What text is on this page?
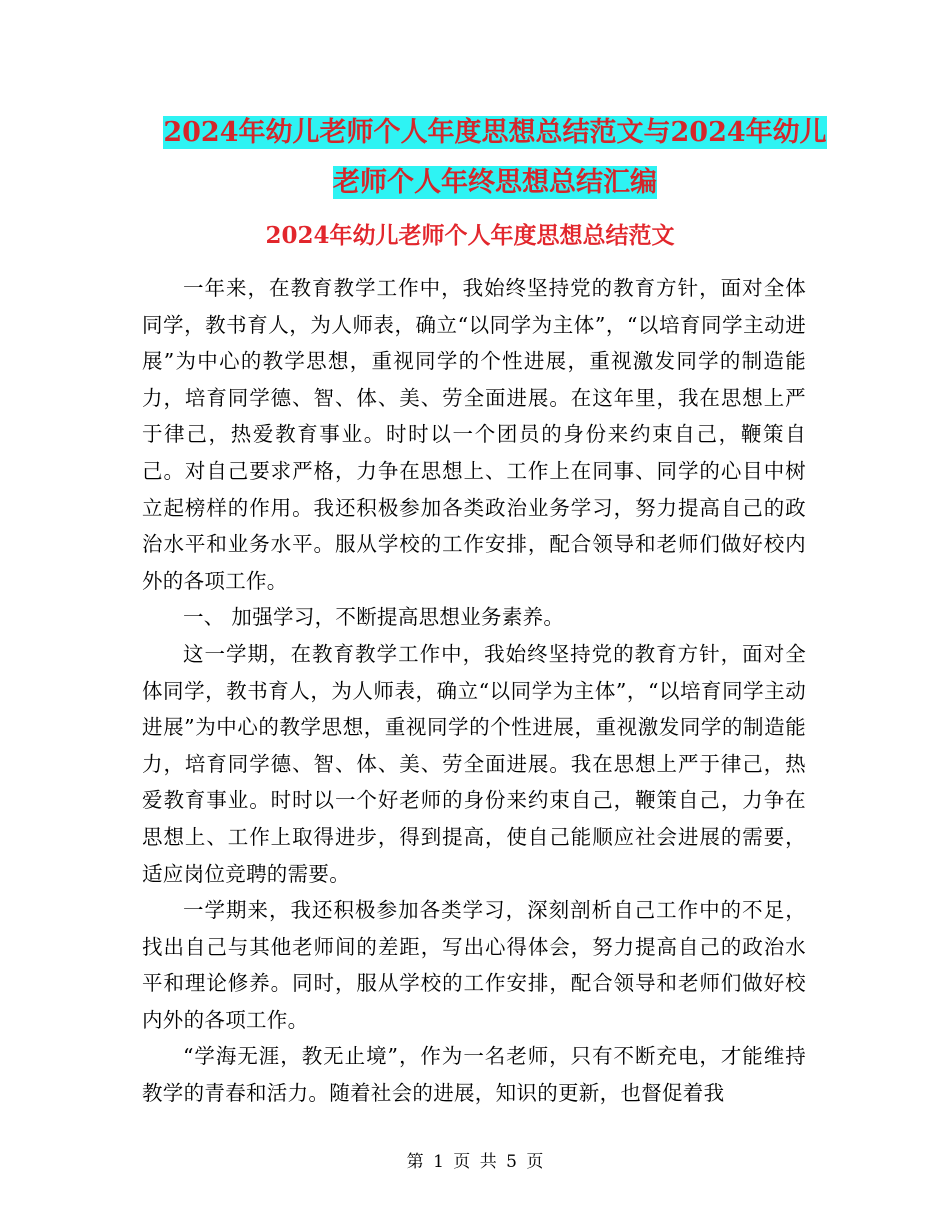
2024年幼儿老师个人年度思想总结范文与2024年幼儿
老师个人年终思想总结汇编
2024年幼儿老师个人年度思想总结范文

一年来，在教育教学工作中，我始终坚持党的教育方针，面对全体同学，教书育人，为人师表，确立“以同学为主体”，“以培育同学主动进展”为中心的教学思想，重视同学的个性进展，重视激发同学的制造能力，培育同学德、智、体、美、劳全面进展。在这年里，我在思想上严于律己，热爱教育事业。时时以一个团员的身份来约束自己，鞭策自己。对自己要求严格，力争在思想上、工作上在同事、同学的心目中树立起榜样的作用。我还积极参加各类政治业务学习，努力提高自己的政治水平和业务水平。服从学校的工作安排，配合领导和老师们做好校内外的各项工作。

一、 加强学习，不断提高思想业务素养。

这一学期，在教育教学工作中，我始终坚持党的教育方针，面对全体同学，教书育人，为人师表，确立“以同学为主体”，“以培育同学主动进展”为中心的教学思想，重视同学的个性进展，重视激发同学的制造能力，培育同学德、智、体、美、劳全面进展。我在思想上严于律己，热爱教育事业。时时以一个好老师的身份来约束自己，鞭策自己，力争在思想上、工作上取得进步，得到提高，使自己能顺应社会进展的需要，适应岗位竞聘的需要。

一学期来，我还积极参加各类学习，深刻剖析自己工作中的不足，找出自己与其他老师间的差距，写出心得体会，努力提高自己的政治水平和理论修养。同时，服从学校的工作安排，配合领导和老师们做好校内外的各项工作。

“学海无涯，教无止境”，作为一名老师，只有不断充电，才能维持教学的青春和活力。随着社会的进展，知识的更新，也督促着我

第 1 页 共 5 页
